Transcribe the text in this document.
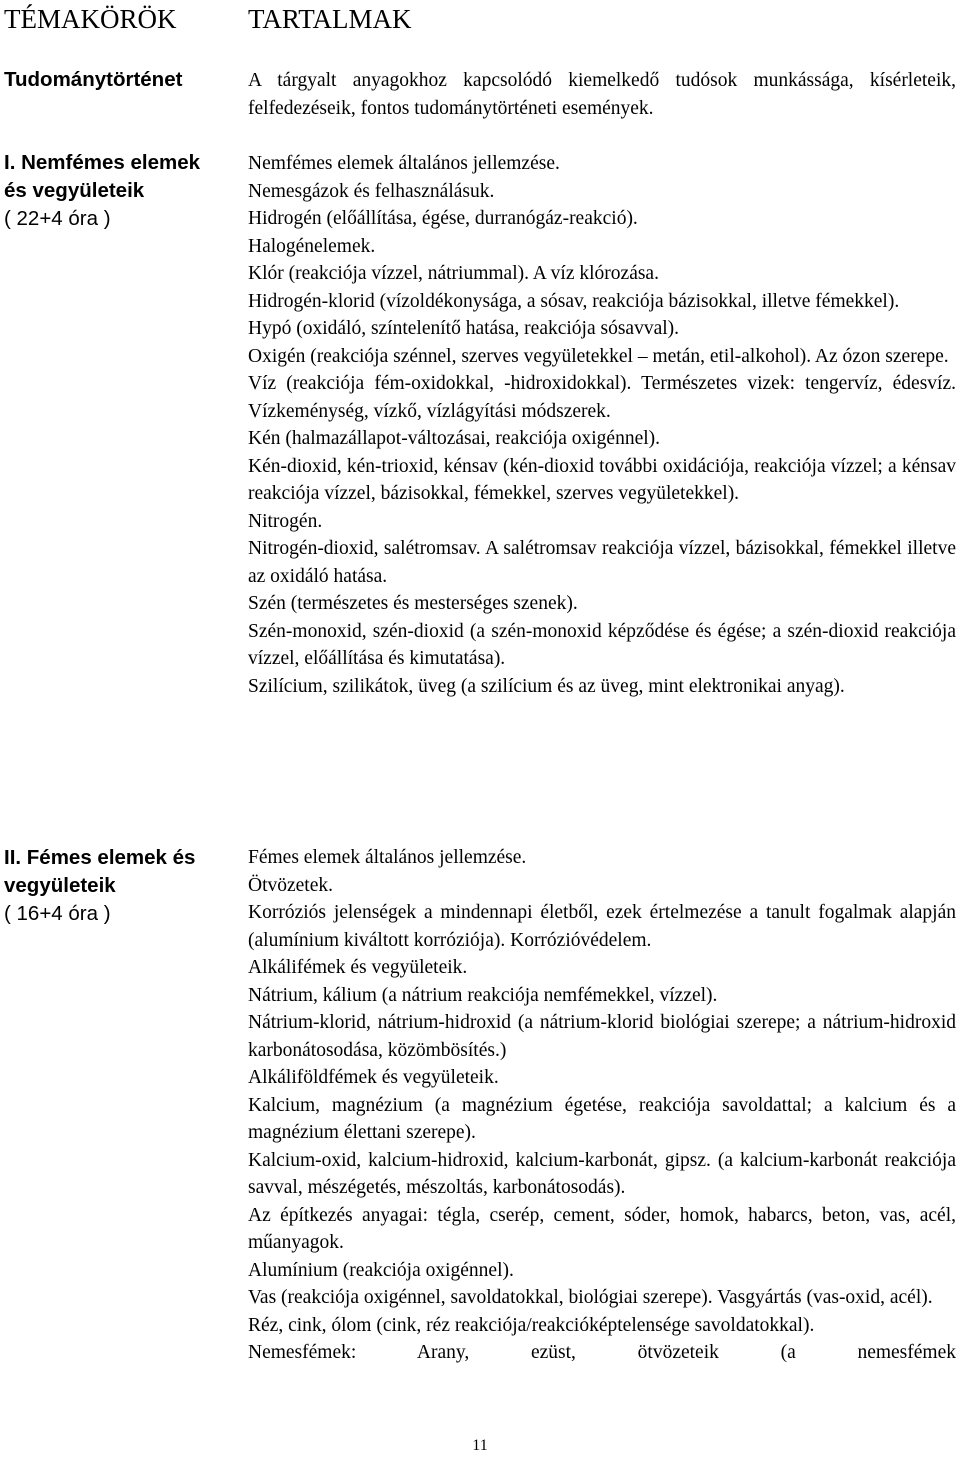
TÉMAKÖRÖK	TARTALMAK
Tudománytörténet	A tárgyalt anyagokhoz kapcsolódó kiemelkedő tudósok munkássága, kísérleteik, felfedezéseik, fontos tudománytörténeti események.

I. Nemfémes elemek
és vegyületeik
( 22+4 óra )

Nemfémes elemek általános jellemzése.

Nemesgázok és felhasználásuk.

Hidrogén (előállítása, égése, durranógáz-reakció).

Halogénelemek.

Klór (reakciója vízzel, nátriummal). A víz klórozása.

Hidrogén-klorid (vízoldékonysága, a sósav, reakciója bázisokkal, illetve fémekkel).

Hypó (oxidáló, színtelenítő hatása, reakciója sósavval).

Oxigén (reakciója szénnel, szerves vegyületekkel – metán, etil-alkohol). Az ózon szerepe.

Víz (reakciója fém-oxidokkal, -hidroxidokkal). Természetes vizek: tengervíz, édesvíz. Vízkeménység, vízkő, vízlágyítási módszerek.

Kén (halmazállapot-változásai, reakciója oxigénnel).

Kén-dioxid, kén-trioxid, kénsav (kén-dioxid további oxidációja, reakciója vízzel; a kénsav reakciója vízzel, bázisokkal, fémekkel, szerves vegyületekkel).

Nitrogén.

Nitrogén-dioxid, salétromsav. A salétromsav reakciója vízzel, bázisokkal, fémekkel illetve az oxidáló hatása.

Szén (természetes és mesterséges szenek).

Szén-monoxid, szén-dioxid (a szén-monoxid képződése és égése; a szén-dioxid reakciója vízzel, előállítása és kimutatása).

Szilícium, szilikátok, üveg (a szilícium és az üveg, mint elektronikai anyag).

II. Fémes elemek és
vegyületeik
( 16+4 óra )

Fémes elemek általános jellemzése.

Ötvözetek.

Korróziós jelenségek a mindennapi életből, ezek értelmezése a tanult fogalmak alapján (alumínium kiváltott korróziója). Korrózióvédelem.

Alkálifémek és vegyületeik.

Nátrium, kálium (a nátrium reakciója nemfémekkel, vízzel).

Nátrium-klorid, nátrium-hidroxid (a nátrium-klorid biológiai szerepe; a nátrium-hidroxid karbonátosodása, közömbösítés.)

Alkáliföldfémek és vegyületeik.

Kalcium, magnézium (a magnézium égetése, reakciója savoldattal; a kalcium és a magnézium élettani szerepe).

Kalcium-oxid, kalcium-hidroxid, kalcium-karbonát, gipsz. (a kalcium-karbonát reakciója savval, mészégetés, mészoltás, karbonátosodás).

Az építkezés anyagai: tégla, cserép, cement, sóder, homok, habarcs, beton, vas, acél, műanyagok.

Alumínium (reakciója oxigénnel).

Vas (reakciója oxigénnel, savoldatokkal, biológiai szerepe). Vasgyártás (vas-oxid, acél).

Réz, cink, ólom (cink, réz reakciója/reakcióképtelensége savoldatokkal).

Nemesfémek: Arany, ezüst, ötvözeteik (a nemesfémek

11
